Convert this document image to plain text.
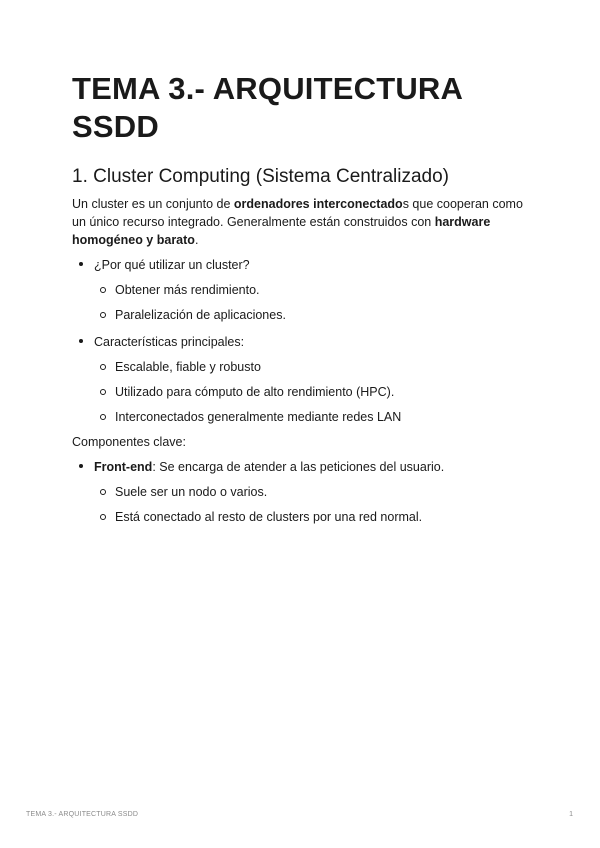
TEMA 3.- ARQUITECTURA SSDD
1. Cluster Computing (Sistema Centralizado)

Un cluster es un conjunto de ordenadores interconectados que cooperan como un único recurso integrado. Generalmente están construidos con hardware homogéneo y barato.

¿Por qué utilizar un cluster?
Obtener más rendimiento.
Paralelización de aplicaciones.
Características principales:
Escalable, fiable y robusto
Utilizado para cómputo de alto rendimiento (HPC).
Interconectados generalmente mediante redes LAN

Componentes clave:

Front-end: Se encarga de atender a las peticiones del usuario.
Suele ser un nodo o varios.
Está conectado al resto de clusters por una red normal.
TEMA 3.- ARQUITECTURA SSDD	1
